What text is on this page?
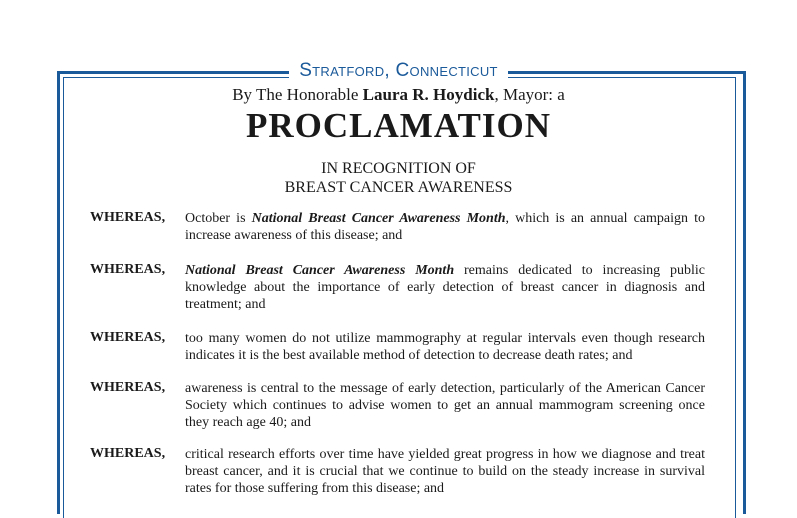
Stratford, Connecticut
By The Honorable Laura R. Hoydick, Mayor: a
PROCLAMATION
IN RECOGNITION OF
BREAST CANCER AWARENESS
WHEREAS, October is National Breast Cancer Awareness Month, which is an annual campaign to increase awareness of this disease; and
WHEREAS, National Breast Cancer Awareness Month remains dedicated to increasing public knowledge about the importance of early detection of breast cancer in diagnosis and treatment; and
WHEREAS, too many women do not utilize mammography at regular intervals even though research indicates it is the best available method of detection to decrease death rates; and
WHEREAS, awareness is central to the message of early detection, particularly of the American Cancer Society which continues to advise women to get an annual mammogram screening once they reach age 40; and
WHEREAS, critical research efforts over time have yielded great progress in how we diagnose and treat breast cancer, and it is crucial that we continue to build on the steady increase in survival rates for those suffering from this disease; and
